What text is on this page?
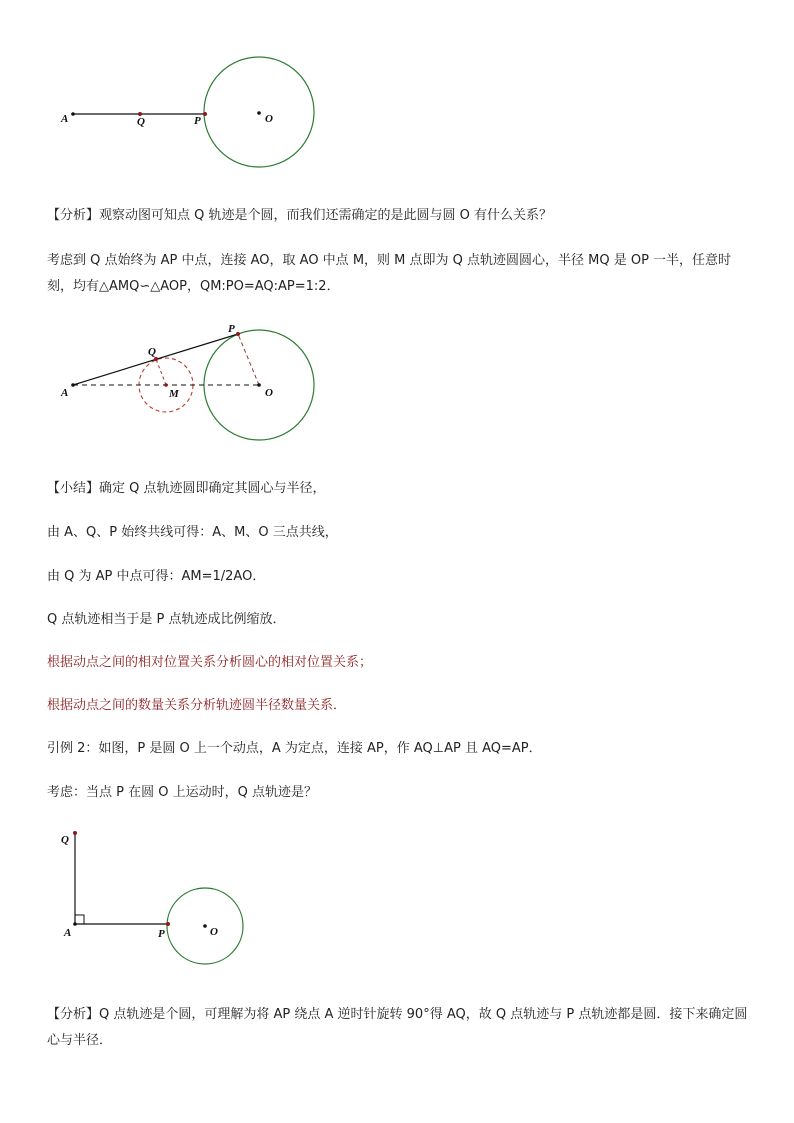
A	Q	P	O
A
Q
P
M	O
Q
A	P	O

【分析】观察动图可知点 Q 轨迹是个圆，而我们还需确定的是此圆与圆 O 有什么关系？

考虑到 Q 点始终为 AP 中点，连接 AO，取 AO 中点 M，则 M 点即为 Q 点轨迹圆圆心，半径 MQ 是 OP 一半，任意时刻，均有△AMQ∽△AOP，QM:PO=AQ:AP=1:2．

【小结】确定 Q 点轨迹圆即确定其圆心与半径，

由 A、Q、P 始终共线可得：A、M、O 三点共线，

由 Q 为 AP 中点可得：AM=1/2AO．

Q 点轨迹相当于是 P 点轨迹成比例缩放．

根据动点之间的相对位置关系分析圆心的相对位置关系；

根据动点之间的数量关系分析轨迹圆半径数量关系．

引例 2：如图，P 是圆 O 上一个动点，A 为定点，连接 AP，作 AQ⊥AP 且 AQ=AP．

考虑：当点 P 在圆 O 上运动时，Q 点轨迹是？

【分析】Q 点轨迹是个圆，可理解为将 AP 绕点 A 逆时针旋转 90°得 AQ，故 Q 点轨迹与 P 点轨迹都是圆．接下来确定圆心与半径．
